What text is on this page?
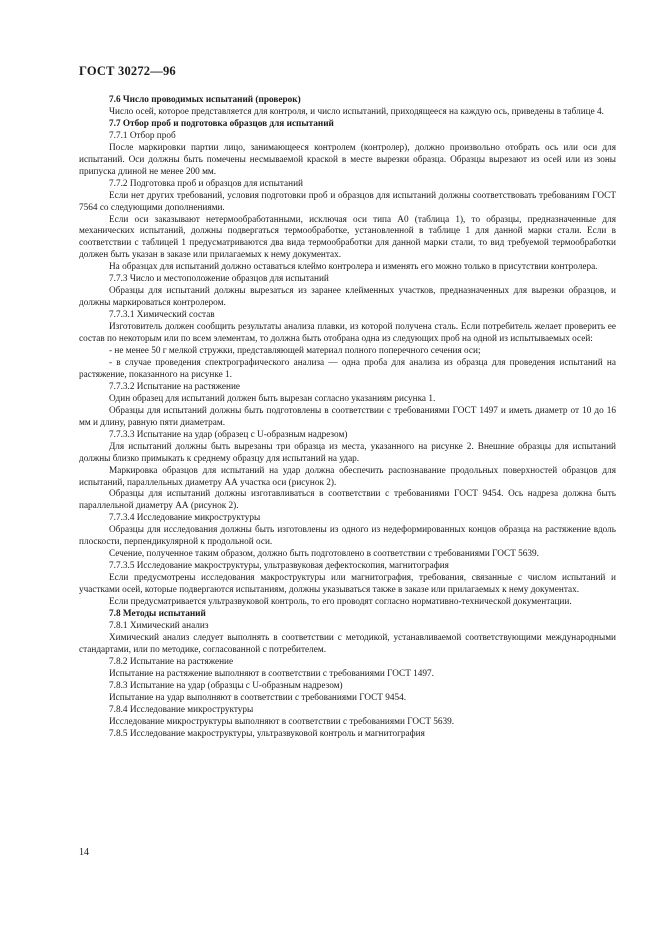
ГОСТ 30272—96

7.6 Число проводимых испытаний (проверок)

Число осей, которое представляется для контроля, и число испытаний, приходящееся на каждую ось, приведены в таблице 4.

7.7 Отбор проб и подготовка образцов для испытаний

7.7.1 Отбор проб

После маркировки партии лицо, занимающееся контролем (контролер), должно произвольно отобрать ось или оси для испытаний. Оси должны быть помечены несмываемой краской в месте вырезки образца. Образцы вырезают из осей или из зоны припуска длиной не менее 200 мм.

7.7.2 Подготовка проб и образцов для испытаний

Если нет других требований, условия подготовки проб и образцов для испытаний должны соответствовать требованиям ГОСТ 7564 со следующими дополнениями.

Если оси заказывают нетермообработанными, исключая оси типа А0 (таблица 1), то образцы, предназначенные для механических испытаний, должны подвергаться термообработке, установленной в таблице 1 для данной марки стали. Если в соответствии с таблицей 1 предусматриваются два вида термообработки для данной марки стали, то вид требуемой термообработки должен быть указан в заказе или прилагаемых к нему документах.

На образцах для испытаний должно оставаться клеймо контролера и изменять его можно только в присутствии контролера.

7.7.3 Число и местоположение образцов для испытаний

Образцы для испытаний должны вырезаться из заранее клейменных участков, предназначенных для вырезки образцов, и должны маркироваться контролером.

7.7.3.1 Химический состав

Изготовитель должен сообщить результаты анализа плавки, из которой получена сталь. Если потребитель желает проверить ее состав по некоторым или по всем элементам, то должна быть отобрана одна из следующих проб на одной из испытываемых осей:

- не менее 50 г мелкой стружки, представляющей материал полного поперечного сечения оси;

- в случае проведения спектрографического анализа — одна проба для анализа из образца для проведения испытаний на растяжение, показанного на рисунке 1.

7.7.3.2 Испытание на растяжение

Один образец для испытаний должен быть вырезан согласно указаниям рисунка 1.

Образцы для испытаний должны быть подготовлены в соответствии с требованиями ГОСТ 1497 и иметь диаметр от 10 до 16 мм и длину, равную пяти диаметрам.

7.7.3.3 Испытание на удар (образец с U-образным надрезом)

Для испытаний должны быть вырезаны три образца из места, указанного на рисунке 2. Внешние образцы для испытаний должны близко примыкать к среднему образцу для испытаний на удар.

Маркировка образцов для испытаний на удар должна обеспечить распознавание продольных поверхностей образцов для испытаний, параллельных диаметру АА участка оси (рисунок 2).

Образцы для испытаний должны изготавливаться в соответствии с требованиями ГОСТ 9454. Ось надреза должна быть параллельной диаметру АА (рисунок 2).

7.7.3.4 Исследование микроструктуры

Образцы для исследования должны быть изготовлены из одного из недеформированных концов образца на растяжение вдоль плоскости, перпендикулярной к продольной оси.

Сечение, полученное таким образом, должно быть подготовлено в соответствии с требованиями ГОСТ 5639.

7.7.3.5 Исследование макроструктуры, ультразвуковая дефектоскопия, магнитография

Если предусмотрены исследования макроструктуры или магнитография, требования, связанные с числом испытаний и участками осей, которые подвергаются испытаниям, должны указываться также в заказе или прилагаемых к нему документах.

Если предусматривается ультразвуковой контроль, то его проводят согласно нормативно-технической документации.

7.8 Методы испытаний

7.8.1 Химический анализ

Химический анализ следует выполнять в соответствии с методикой, устанавливаемой соответствующими международными стандартами, или по методике, согласованной с потребителем.

7.8.2 Испытание на растяжение

Испытание на растяжение выполняют в соответствии с требованиями ГОСТ 1497.

7.8.3 Испытание на удар (образцы с U-образным надрезом)

Испытание на удар выполняют в соответствии с требованиями ГОСТ 9454.

7.8.4 Исследование микроструктуры

Исследование микроструктуры выполняют в соответствии с требованиями ГОСТ 5639.

7.8.5 Исследование макроструктуры, ультразвуковой контроль и магнитография

14
